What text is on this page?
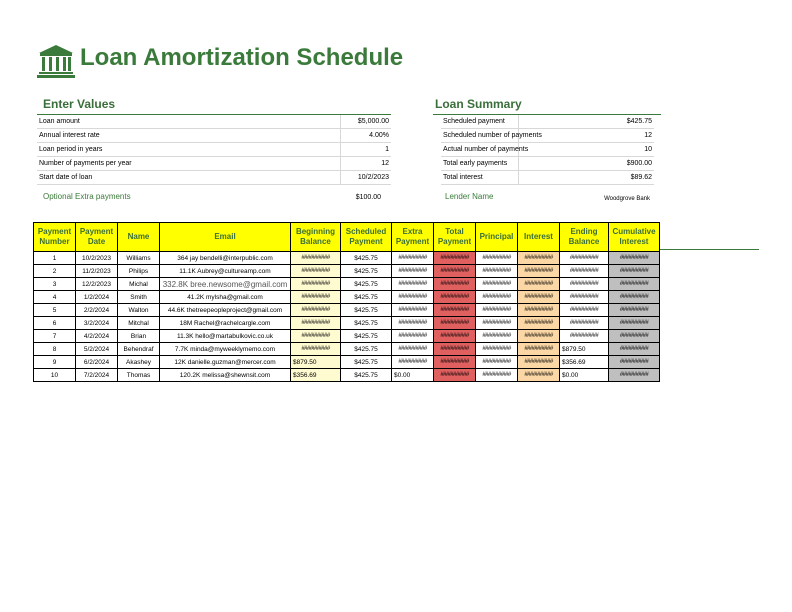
Loan Amortization Schedule
Enter Values
Loan amount	$5,000.00
Annual interest rate	4.00%
Loan period in years	1
Number of payments per year	12
Start date of loan	10/2/2023
Optional Extra payments	$100.00
Loan Summary
Scheduled payment	$425.75
Scheduled number of payments	12
Actual number of payments	10
Total early payments	$900.00
Total interest	$89.62
Lender Name	Woodgrove Bank
Payment Number	Payment Date	Name	Email	Beginning Balance	Scheduled Payment	Extra Payment	Total Payment	Principal	Interest	Ending Balance	Cumulative Interest
1	10/2/2023	Williams	364 jay bendelli@interpublic.com	##########	$425.75	##########	##########	##########	##########	##########	##########
2	11/2/2023	Philips	11.1K Aubrey@cultureamp.com	##########	$425.75	##########	##########	##########	##########	##########	##########
3	12/2/2023	Michal	332.8K bree.newsome@gmail.com	##########	$425.75	##########	##########	##########	##########	##########	##########
4	1/2/2024	Smith	41.2K mylsha@gmail.com	##########	$425.75	##########	##########	##########	##########	##########	##########
5	2/2/2024	Walton	44.6K thetreepeopleproject@gmail.com	##########	$425.75	##########	##########	##########	##########	##########	##########
6	3/2/2024	Mitchal	18M Rachel@rachelcargle.com	##########	$425.75	##########	##########	##########	##########	##########	##########
7	4/2/2024	Brian	11.3K hello@martabulkovic.co.uk	##########	$425.75	##########	##########	##########	##########	##########	##########
8	5/2/2024	Behendraf	7.7K minda@myweeklymemo.com	##########	$425.75	##########	##########	##########	##########	$879.50	##########
9	6/2/2024	Akashey	12K danielle.guzman@mercer.com	$879.50	$425.75	##########	##########	##########	##########	$356.69	##########
10	7/2/2024	Thomas	120.2K melissa@shewnsit.com	$356.69	$425.75	$0.00	##########	##########	##########	$0.00	##########
